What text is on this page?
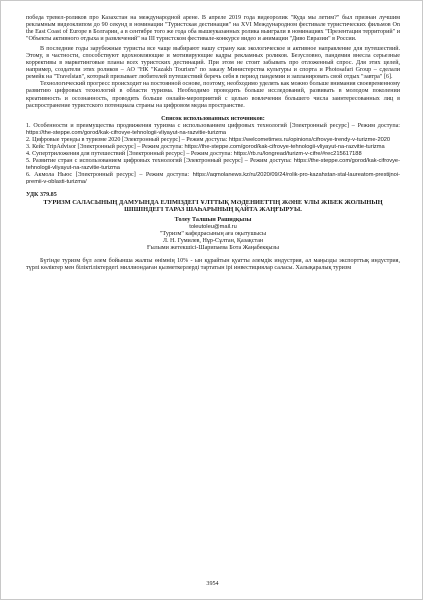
победа тревел-роликов про Казахстан на международной арене. В апреле 2019 года видеоролик "Куда мы летим?" был признан лучшим рекламным видеоклипом до 90 секунд в номинации "Туристская дестинация" на XVI Международном фестивале туристических фильмов On the East Coast of Europe в Болгарии, а в сентябре того же года оба вышеуказанных ролика выиграли в номинациях "Презентация территорий" и "Объекты активного отдыха и развлечений" на III туристском фестивале-конкурсе видео и анимации "Диво Евразии" в России.

В последние годы зарубежные туристы все чаще выбирают нашу страну как экологическое и активное направление для путешествий. Этому, в частности, способствуют вдохновляющие и мотивирующие кадры рекламных роликов. Безусловно, пандемия внесла серьезные коррективы в маркетинговые планы всех туристских дестинаций. При этом не стоит забывать про отложенный спрос. Для этих целей, например, создатели этих роликов – АО "НК "Kazakh Tourism" по заказу Министерства культуры и спорта и Photosafari Group – сделали ремейк на "Travelstan", который призывает любителей путешествий беречь себя в период пандемии и запланировать свой отдых "завтра" [6].

Технологический прогресс происходит на постоянной основе, поэтому, необходимо уделять как можно больше внимания своевременному развитию цифровых технологий в области туризма. Необходимо проводить больше исследований, развивать в молодом поколении креативность и осознанность, проводить больше онлайн-мероприятий с целью вовлечения большего числа заинтересованных лиц в распространение туристского потенциала страны на цифровом медиа пространстве.

Список использованных источников:

1. Особенности и преимущества продвижения туризма с использованием цифровых технологий [Электронный ресурс] – Режим доступа: https://the-steppe.com/gorod/kak-cifrovye-tehnologii-vliyayut-na-razvitie-turizma

2. Цифровые тренды в туризме 2020 [Электронный ресурс] – Режим доступа: https://welcometimes.ru/opinions/cifrovye-trendy-v-turizme-2020

3. Кейс TripAdvisor [Электронный ресурс] – Режим доступа: https://the-steppe.com/gorod/kak-cifrovye-tehnologii-vliyayut-na-razvitie-turizma

4. Супертриложения для путешествий [Электронный ресурс] – Режим доступа: https://rb.ru/longread/turizm-v-cifre/#rec215617188

5. Развитие стран с использованием цифровых технологий [Электронный ресурс] – Режим доступа: https://the-steppe.com/gorod/kak-cifrovye-tehnologii-vliyayut-na-razvitie-turizma

6. Акмола Ньюс [Электронный ресурс] – Режим доступа: https://aqmolanews.kz/ru/2020/09/24/rolik-pro-kazahstan-stal-laureatom-prestijnoi-premii-v-oblasti-turizma/

УДК 379.85

ТУРИЗМ САЛАСЫНЫҢ ДАМУЫНДА ЕЛІМІЗДЕГІ ҰЛТТЫҚ МӘДЕНИЕТТІҢ ЖӘНЕ ҰЛЫ ЖІБЕК ЖОЛЫНЫҢ ШІШІНДЕГІ ТАРАЗ ШАҺАРЫНЫҢ ҚАЙТА ЖАҢҒЫРУЫ.

Толеу Талшын Рашидқызы

toleutoleu@mail.ru

"Туризм" кафедрасының аға оқытушысы

Л. Н. Гумилев, Нұр-Сұлтан, Қазақстан

Ғылыми жетекшісі-Шарипаева Бота Жаңабекқызы

Бүгінде туризм бүл әлем бойынша жалпы өнімнің 10% - ын құрайтын қуатты әлемдік индустрия, ал маңызды экспорттық индустрия, түрлі көліктер мен біліктіліктердегі миллиондаған қызметкерлерді тартатын ірі инвестициялар саласы. Халықаралық туризм

3954
